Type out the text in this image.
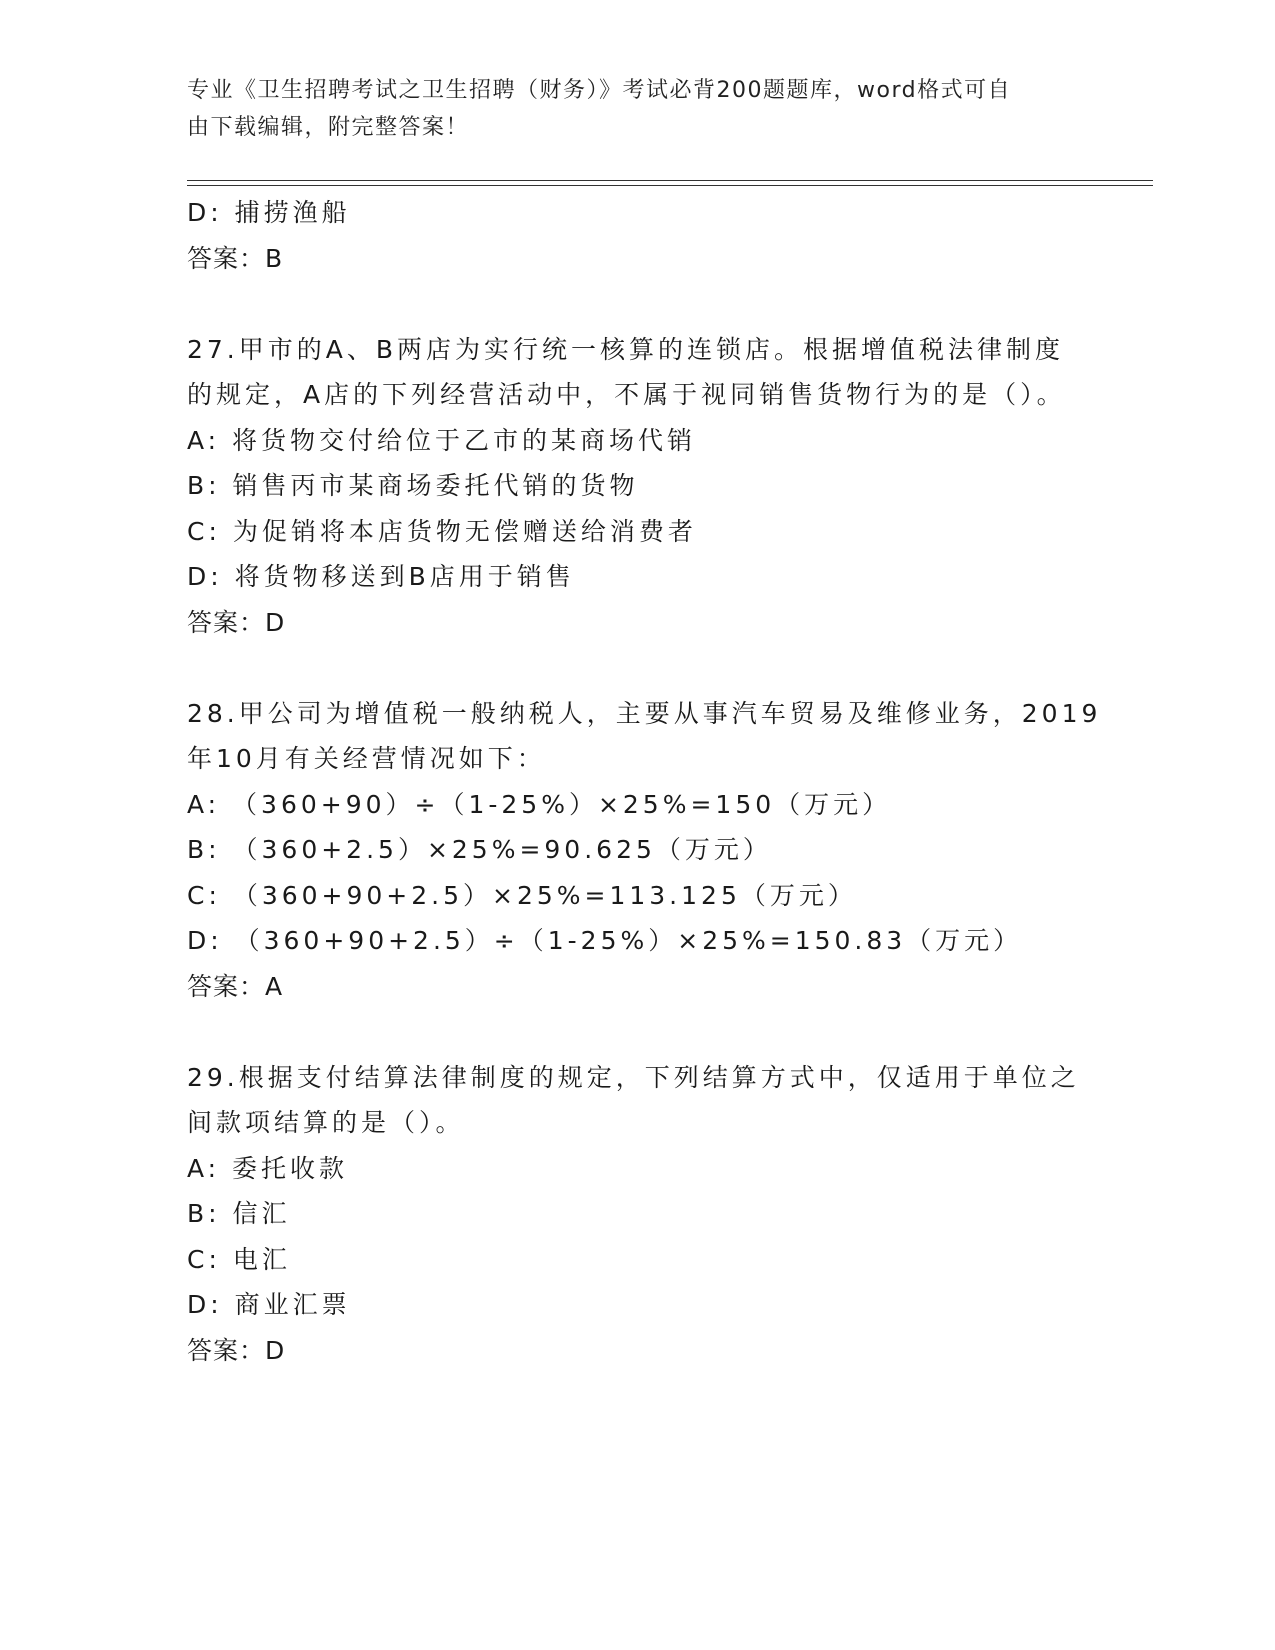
专业《卫生招聘考试之卫生招聘（财务）》考试必背200题题库，word格式可自
由下载编辑，附完整答案！
D: 捕捞渔船
答案：B
27.甲市的A、B两店为实行统一核算的连锁店。根据增值税法律制度
的规定，A店的下列经营活动中，不属于视同销售货物行为的是（）。
A: 将货物交付给位于乙市的某商场代销
B: 销售丙市某商场委托代销的货物
C: 为促销将本店货物无偿赠送给消费者
D: 将货物移送到B店用于销售
答案：D
28.甲公司为增值税一般纳税人，主要从事汽车贸易及维修业务，2019
年10月有关经营情况如下：
A: （360+90）÷（1-25%）×25%=150（万元）
B: （360+2.5）×25%=90.625（万元）
C: （360+90+2.5）×25%=113.125（万元）
D: （360+90+2.5）÷（1-25%）×25%=150.83（万元）
答案：A
29.根据支付结算法律制度的规定，下列结算方式中，仅适用于单位之
间款项结算的是（）。
A: 委托收款
B: 信汇
C: 电汇
D: 商业汇票
答案：D
